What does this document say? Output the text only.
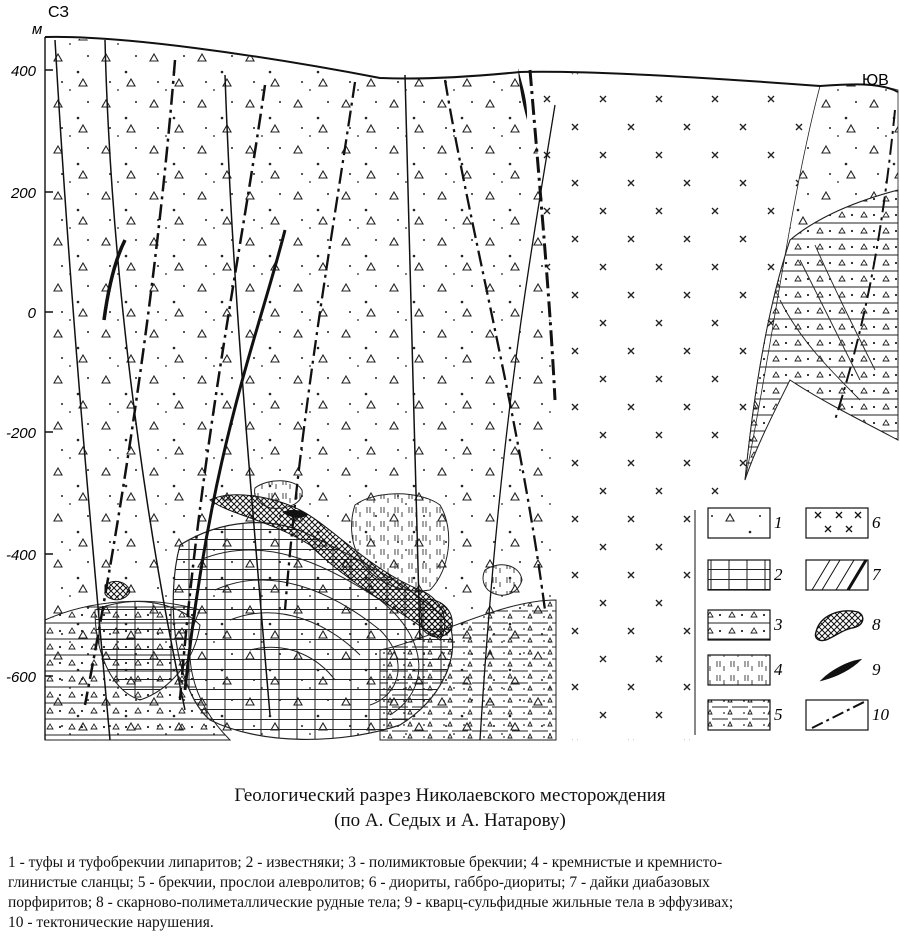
СЗ
ЮВ
м
400
200
0
-200
-400
-600
1
2
3
4
5
6
7
8
9
10
Геологический разрез Николаевского месторождения
(по А. Седых и А. Натарову)
1 - туфы и туфобрекчии липаритов; 2 - известняки; 3 - полимиктовые брекчии; 4 - кремнистые и кремнисто-
глинистые сланцы; 5 - брекчии, прослои алевролитов; 6 - диориты, габбро-диориты; 7 - дайки диабазовых
порфиритов; 8 - скарново-полиметаллические рудные тела; 9 - кварц-сульфидные жильные тела в эффузивах;
10 - тектонические нарушения.
